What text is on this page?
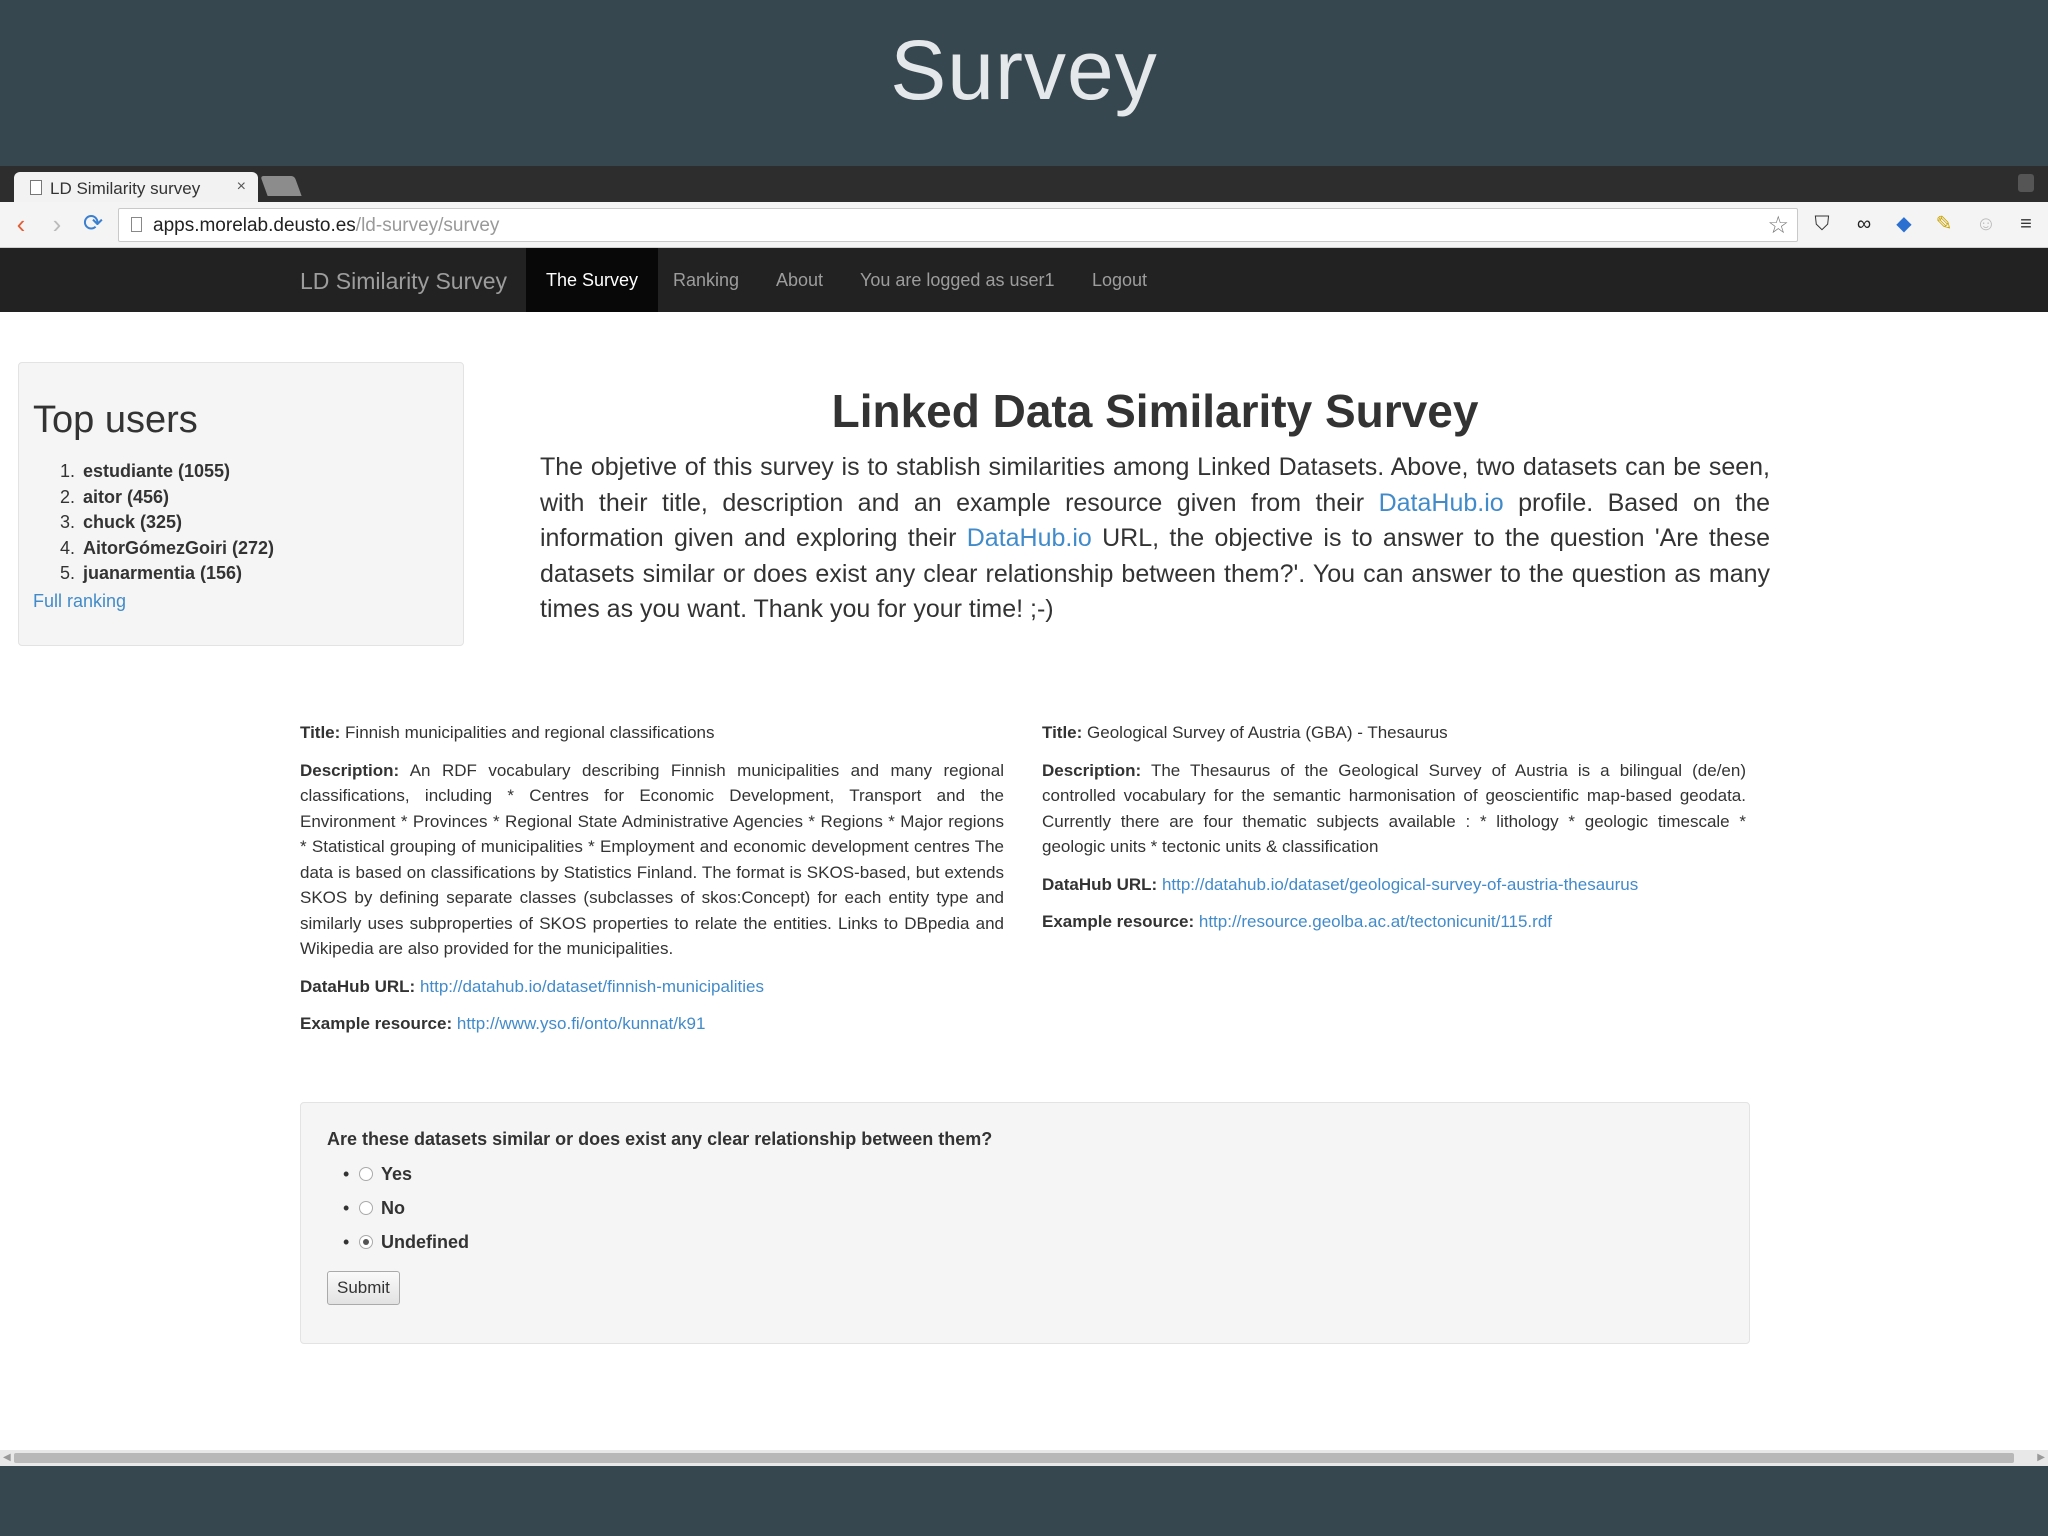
Survey
LD Similarity survey ×
‹	› ⟳	apps.morelab.deusto.es/ld-survey/survey	☆ ⛉ ∞ ◆ ✎ ☺	≡
LD Similarity Survey	The Survey	Ranking About You are logged as user1 Logout
Top users
1. estudiante (1055)
2. aitor (456)
3. chuck (325)
4. AitorGómezGoiri (272)
5. juanarmentia (156)
Full ranking
Linked Data Similarity Survey

The objetive of this survey is to stablish similarities among Linked Datasets. Above, two datasets can be seen, with their title, description and an example resource given from their DataHub.io profile. Based on the information given and exploring their DataHub.io URL, the objective is to answer to the question 'Are these datasets similar or does exist any clear relationship between them?'. You can answer to the question as many times as you want. Thank you for your time! ;-)

Title: Finnish municipalities and regional classifications

Description: An RDF vocabulary describing Finnish municipalities and many regional classifications, including * Centres for Economic Development, Transport and the Environment * Provinces * Regional State Administrative Agencies * Regions * Major regions * Statistical grouping of municipalities * Employment and economic development centres The data is based on classifications by Statistics Finland. The format is SKOS-based, but extends SKOS by defining separate classes (subclasses of skos:Concept) for each entity type and similarly uses subproperties of SKOS properties to relate the entities. Links to DBpedia and Wikipedia are also provided for the municipalities.

DataHub URL: http://datahub.io/dataset/finnish-municipalities

Example resource: http://www.yso.fi/onto/kunnat/k91

Title: Geological Survey of Austria (GBA) - Thesaurus

Description: The Thesaurus of the Geological Survey of Austria is a bilingual (de/en) controlled vocabulary for the semantic harmonisation of geoscientific map-based geodata. Currently there are four thematic subjects available : * lithology * geologic timescale * geologic units * tectonic units & classification

DataHub URL: http://datahub.io/dataset/geological-survey-of-austria-thesaurus

Example resource: http://resource.geolba.ac.at/tectonicunit/115.rdf

Are these datasets similar or does exist any clear relationship between them?
• Yes
• No
• Undefined
Submit
◀	▶
